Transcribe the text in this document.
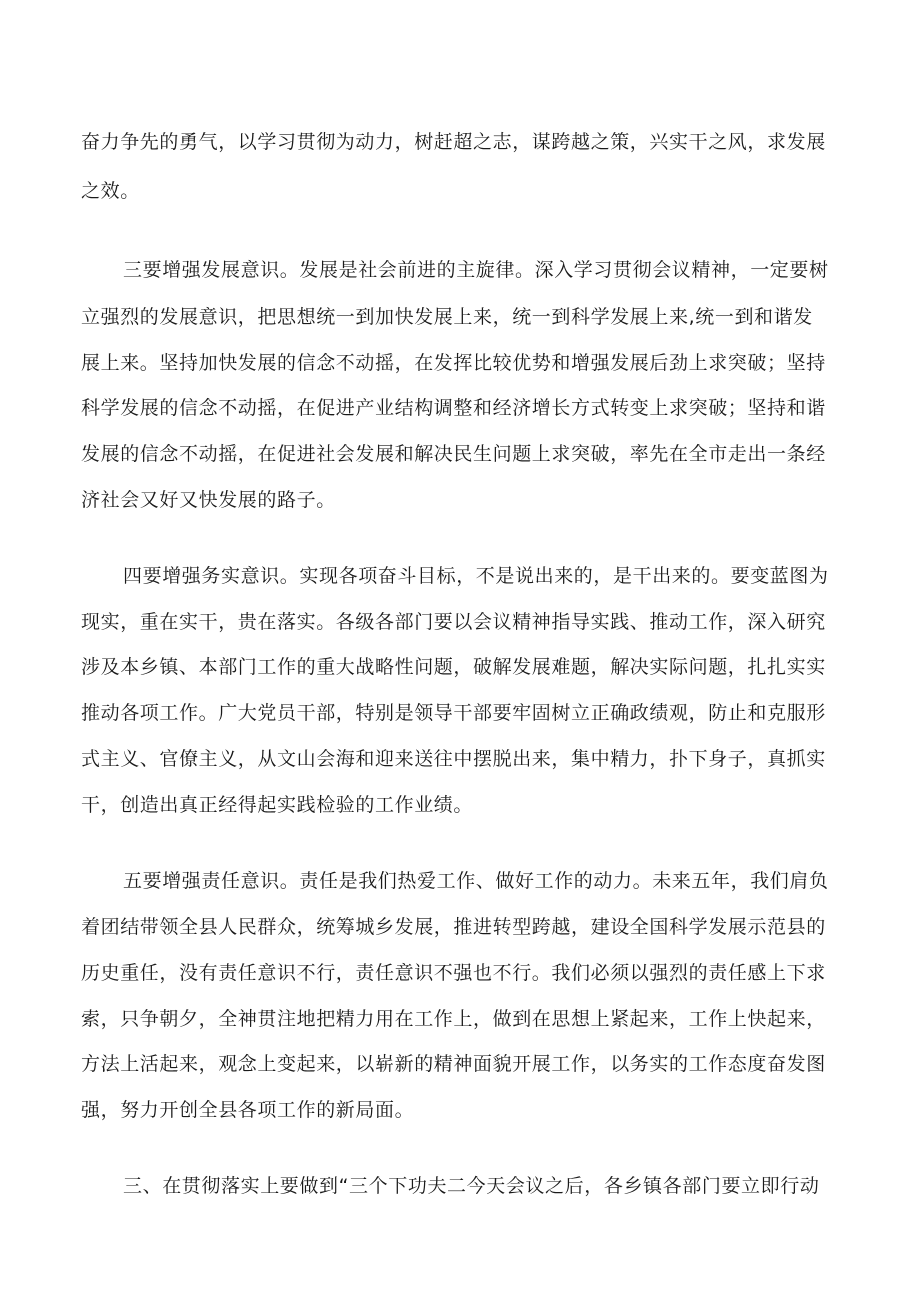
奋力争先的勇气，以学习贯彻为动力，树赶超之志，谋跨越之策，兴实干之风，求发展
之效。
三要增强发展意识。发展是社会前进的主旋律。深入学习贯彻会议精神，一定要树
立强烈的发展意识，把思想统一到加快发展上来，统一到科学发展上来,统一到和谐发
展上来。坚持加快发展的信念不动摇，在发挥比较优势和增强发展后劲上求突破；坚持
科学发展的信念不动摇，在促进产业结构调整和经济增长方式转变上求突破；坚持和谐
发展的信念不动摇，在促进社会发展和解决民生问题上求突破，率先在全市走出一条经
济社会又好又快发展的路子。
四要增强务实意识。实现各项奋斗目标，不是说出来的，是干出来的。要变蓝图为
现实，重在实干，贵在落实。各级各部门要以会议精神指导实践、推动工作，深入研究
涉及本乡镇、本部门工作的重大战略性问题，破解发展难题，解决实际问题，扎扎实实
推动各项工作。广大党员干部，特别是领导干部要牢固树立正确政绩观，防止和克服形
式主义、官僚主义，从文山会海和迎来送往中摆脱出来，集中精力，扑下身子，真抓实
干，创造出真正经得起实践检验的工作业绩。
五要增强责任意识。责任是我们热爱工作、做好工作的动力。未来五年，我们肩负
着团结带领全县人民群众，统筹城乡发展，推进转型跨越，建设全国科学发展示范县的
历史重任，没有责任意识不行，责任意识不强也不行。我们必须以强烈的责任感上下求
索，只争朝夕，全神贯注地把精力用在工作上，做到在思想上紧起来，工作上快起来，
方法上活起来，观念上变起来，以崭新的精神面貌开展工作，以务实的工作态度奋发图
强，努力开创全县各项工作的新局面。
三、在贯彻落实上要做到“三个下功夫二今天会议之后，各乡镇各部门要立即行动
